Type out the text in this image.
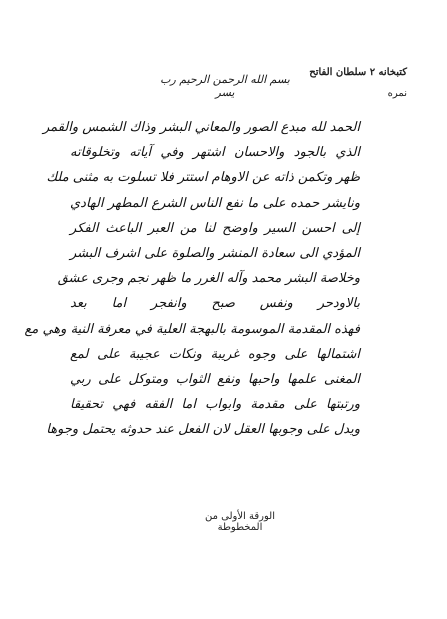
كتبخانه ٢ سلطان الفاتح
نمره
بسم الله الرحمن الرحيم رب يسر
الحمد لله مبدع الصور والمعاني البشر وذاك الشمس والقمر
الذي بالجود والاحسان اشتهر وفي آياته وتخلوقاته
ظهر وتكمن ذاته عن الاوهام استتر فلا تسلوت به مثنى ملك
ونايشر حمده على ما نفع الناس الشرع المطهر الهادي
إلى احسن السير واوضح لنا من العبر الباعث الفكر
المؤدي الى سعادة المنشر والصلوة على اشرف البشر
وخلاصة البشر محمد وآله الغرر ما ظهر نجم وجرى عشق
بالاودحر ونفس صبح وانفجر اما بعد
فهذه المقدمة الموسومة بالبهجة العلية في معرفة النية وهي مع
اشتمالها على وجوه غريبة ونكات عجيبة على لمع
المغنى علمها واحبها ونفع الثواب ومتوكل على ربي
ورتبتها على مقدمة وابواب اما الفقه فهي تحقيقا
ويدل على وجوبها العقل لان الفعل عند حدوثه يحتمل وجوها
الورقة الأولى من المخطوطة
